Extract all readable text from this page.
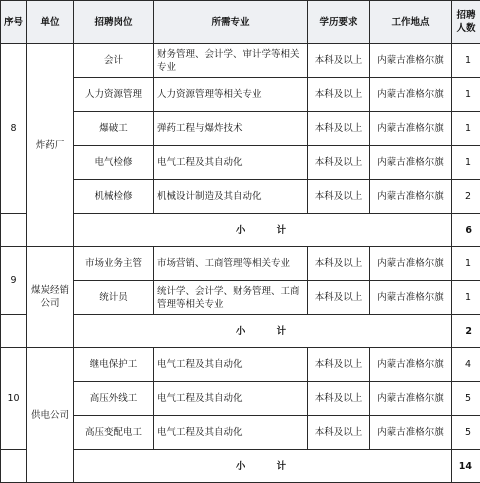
序号	单位	招聘岗位	所需专业	学历要求	工作地点	招聘人数
8	炸药厂	会计	财务管理、会计学、审计学等相关专业	本科及以上	内蒙古准格尔旗	1
		人力资源管理	人力资源管理等相关专业	本科及以上	内蒙古准格尔旗	1
		爆破工	弹药工程与爆炸技术	本科及以上	内蒙古准格尔旗	1
		电气检修	电气工程及其自动化	本科及以上	内蒙古准格尔旗	1
		机械检修	机械设计制造及其自动化	本科及以上	内蒙古准格尔旗	2
		小 计				6
9	煤炭经销公司	市场业务主管	市场营销、工商管理等相关专业	本科及以上	内蒙古准格尔旗	1
		统计员	统计学、会计学、财务管理、工商管理等相关专业	本科及以上	内蒙古准格尔旗	1
		小 计				2
10	供电公司	继电保护工	电气工程及其自动化	本科及以上	内蒙古准格尔旗	4
		高压外线工	电气工程及其自动化	本科及以上	内蒙古准格尔旗	5
		高压变配电工	电气工程及其自动化	本科及以上	内蒙古准格尔旗	5
		小 计				14
